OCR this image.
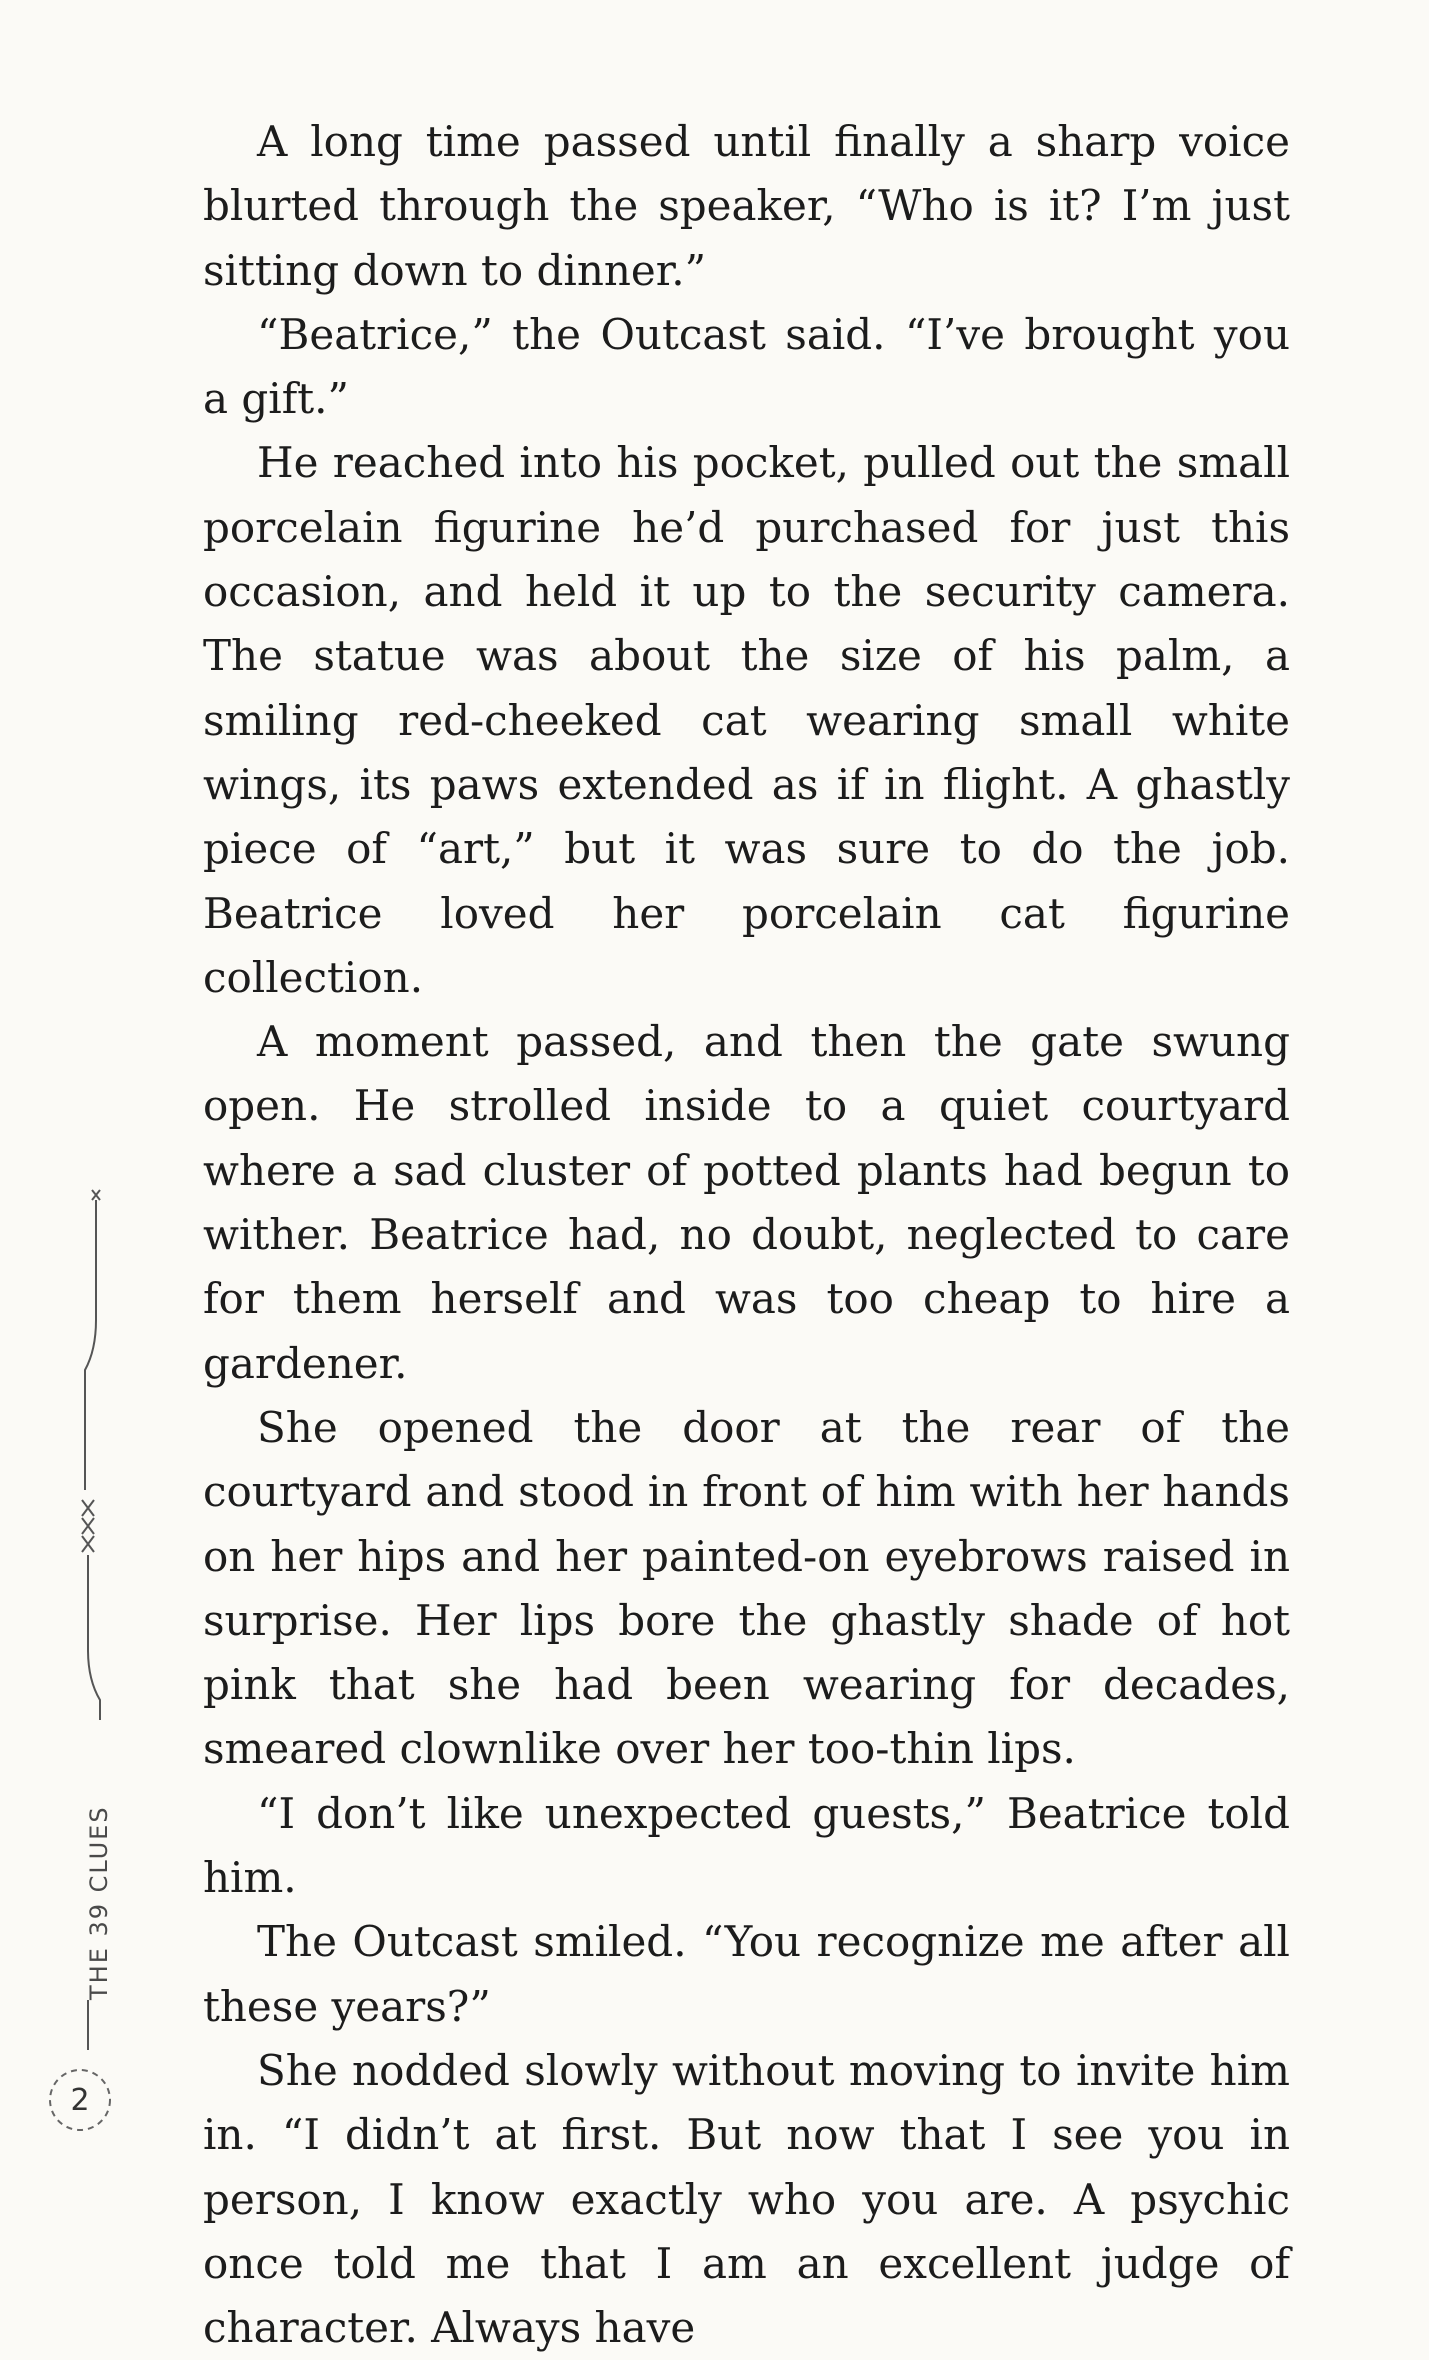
A long time passed until finally a sharp voice blurted through the speaker, “Who is it? I’m just sitting down to dinner.”

“Beatrice,” the Outcast said. “I’ve brought you a gift.”

He reached into his pocket, pulled out the small porcelain figurine he’d purchased for just this occasion, and held it up to the security camera. The statue was about the size of his palm, a smiling red-cheeked cat wearing small white wings, its paws extended as if in flight. A ghastly piece of “art,” but it was sure to do the job. Beatrice loved her porcelain cat figurine collection.

A moment passed, and then the gate swung open. He strolled inside to a quiet courtyard where a sad cluster of potted plants had begun to wither. Beatrice had, no doubt, neglected to care for them herself and was too cheap to hire a gardener.

She opened the door at the rear of the courtyard and stood in front of him with her hands on her hips and her painted-on eyebrows raised in surprise. Her lips bore the ghastly shade of hot pink that she had been wearing for decades, smeared clownlike over her too-thin lips.

“I don’t like unexpected guests,” Beatrice told him.

The Outcast smiled. “You recognize me after all these years?”

She nodded slowly without moving to invite him in. “I didn’t at first. But now that I see you in person, I know exactly who you are. A psychic once told me that I am an excellent judge of character. Always have

THE 39 CLUES
2
